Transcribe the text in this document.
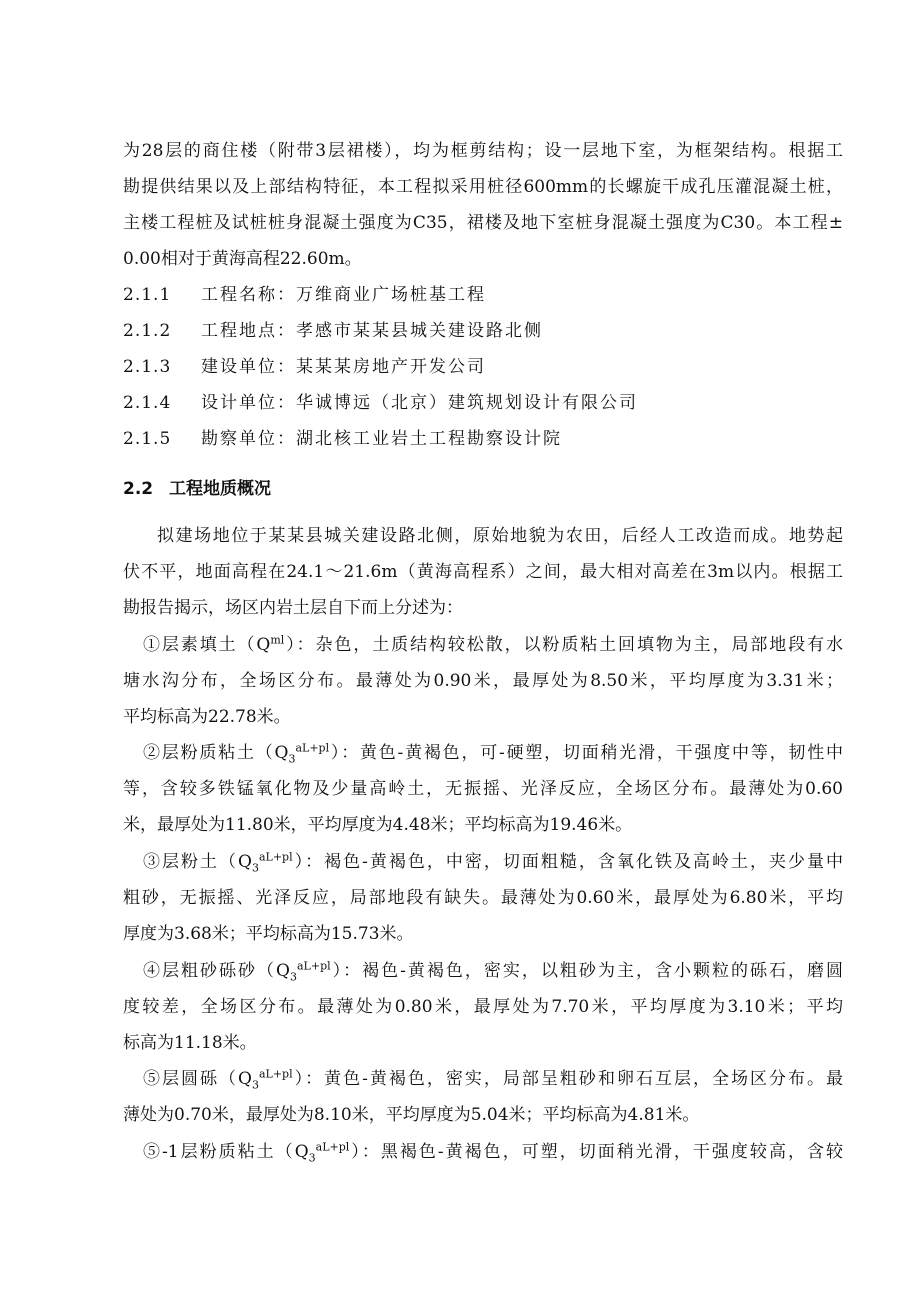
为28层的商住楼（附带3层裙楼），均为框剪结构；设一层地下室，为框架结构。根据工
勘提供结果以及上部结构特征，本工程拟采用桩径600mm的长螺旋干成孔压灌混凝土桩，
主楼工程桩及试桩桩身混凝土强度为C35，裙楼及地下室桩身混凝土强度为C30。本工程±
0.00相对于黄海高程22.60m。
2.1.1 工程名称：万维商业广场桩基工程
2.1.2 工程地点：孝感市某某县城关建设路北侧
2.1.3 建设单位：某某某房地产开发公司
2.1.4 设计单位：华诚博远（北京）建筑规划设计有限公司
2.1.5 勘察单位：湖北核工业岩土工程勘察设计院
2.2 工程地质概况
拟建场地位于某某县城关建设路北侧，原始地貌为农田，后经人工改造而成。地势起
伏不平，地面高程在24.1～21.6m（黄海高程系）之间，最大相对高差在3m以内。根据工
勘报告揭示，场区内岩土层自下而上分述为：
①层素填土$(Q^{ml})$：杂色，土质结构较松散，以粉质粘土回填物为主，局部地段有水
塘水沟分布，全场区分布。最薄处为0.90米，最厚处为8.50米，平均厚度为3.31米；
平均标高为22.78米。
②层粉质粘土$(Q_3^{aL+pl})$：黄色-黄褐色，可-硬塑，切面稍光滑，干强度中等，韧性中
等，含较多铁锰氧化物及少量高岭土，无振摇、光泽反应，全场区分布。最薄处为0.60
米，最厚处为11.80米，平均厚度为4.48米；平均标高为19.46米。
③层粉土$(Q_3^{aL+pl})$：褐色-黄褐色，中密，切面粗糙，含氧化铁及高岭土，夹少量中
粗砂，无振摇、光泽反应，局部地段有缺失。最薄处为0.60米，最厚处为6.80米，平均
厚度为3.68米；平均标高为15.73米。
④层粗砂砾砂$(Q_3^{aL+pl})$：褐色-黄褐色，密实，以粗砂为主，含小颗粒的砾石，磨圆
度较差，全场区分布。最薄处为0.80米，最厚处为7.70米，平均厚度为3.10米；平均
标高为11.18米。
⑤层圆砾$(Q_3^{aL+pl})$：黄色-黄褐色，密实，局部呈粗砂和卵石互层，全场区分布。最
薄处为0.70米，最厚处为8.10米，平均厚度为5.04米；平均标高为4.81米。
⑤-1层粉质粘土$(Q_3^{aL+pl})$：黑褐色-黄褐色，可塑，切面稍光滑，干强度较高，含较
